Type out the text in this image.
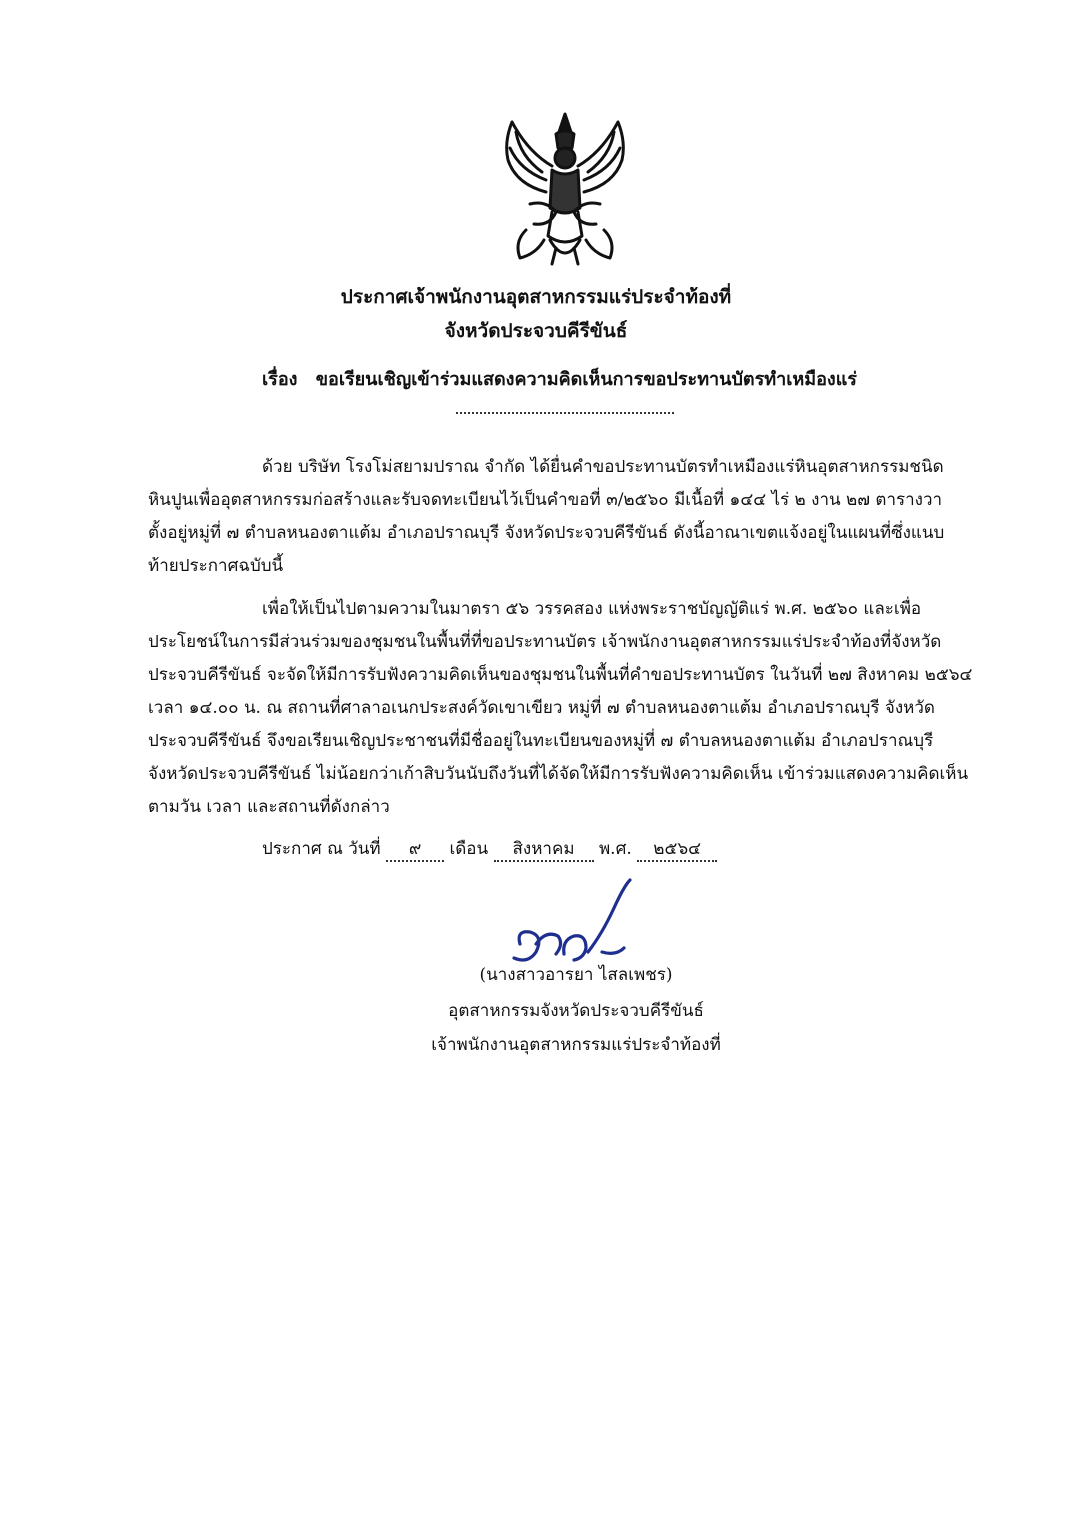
ประกาศเจ้าพนักงานอุตสาหกรรมแร่ประจำท้องที่
จังหวัดประจวบคีรีขันธ์
เรื่อง ขอเรียนเชิญเข้าร่วมแสดงความคิดเห็นการขอประทานบัตรทำเหมืองแร่
ด้วย บริษัท โรงโม่สยามปราณ จำกัด ได้ยื่นคำขอประทานบัตรทำเหมืองแร่หินอุตสาหกรรมชนิด
หินปูนเพื่ออุตสาหกรรมก่อสร้างและรับจดทะเบียนไว้เป็นคำขอที่ ๓/๒๕๖๐ มีเนื้อที่ ๑๔๔ ไร่ ๒ งาน ๒๗ ตารางวา
ตั้งอยู่หมู่ที่ ๗ ตำบลหนองตาแต้ม อำเภอปราณบุรี จังหวัดประจวบคีรีขันธ์ ดังนี้อาณาเขตแจ้งอยู่ในแผนที่ซึ่งแนบ
ท้ายประกาศฉบับนี้
เพื่อให้เป็นไปตามความในมาตรา ๕๖ วรรคสอง แห่งพระราชบัญญัติแร่ พ.ศ. ๒๕๖๐ และเพื่อ
ประโยชน์ในการมีส่วนร่วมของชุมชนในพื้นที่ที่ขอประทานบัตร เจ้าพนักงานอุตสาหกรรมแร่ประจำท้องที่จังหวัด
ประจวบคีรีขันธ์ จะจัดให้มีการรับฟังความคิดเห็นของชุมชนในพื้นที่คำขอประทานบัตร ในวันที่ ๒๗ สิงหาคม ๒๕๖๔
เวลา ๑๔.๐๐ น. ณ สถานที่ศาลาอเนกประสงค์วัดเขาเขียว หมู่ที่ ๗ ตำบลหนองตาแต้ม อำเภอปราณบุรี จังหวัด
ประจวบคีรีขันธ์ จึงขอเรียนเชิญประชาชนที่มีชื่ออยู่ในทะเบียนของหมู่ที่ ๗ ตำบลหนองตาแต้ม อำเภอปราณบุรี
จังหวัดประจวบคีรีขันธ์ ไม่น้อยกว่าเก้าสิบวันนับถึงวันที่ได้จัดให้มีการรับฟังความคิดเห็น เข้าร่วมแสดงความคิดเห็น
ตามวัน เวลา และสถานที่ดังกล่าว
ประกาศ ณ วันที่ ๙ เดือน สิงหาคม พ.ศ. ๒๕๖๔
(นางสาวอารยา ไสลเพชร)
อุตสาหกรรมจังหวัดประจวบคีรีขันธ์
เจ้าพนักงานอุตสาหกรรมแร่ประจำท้องที่
